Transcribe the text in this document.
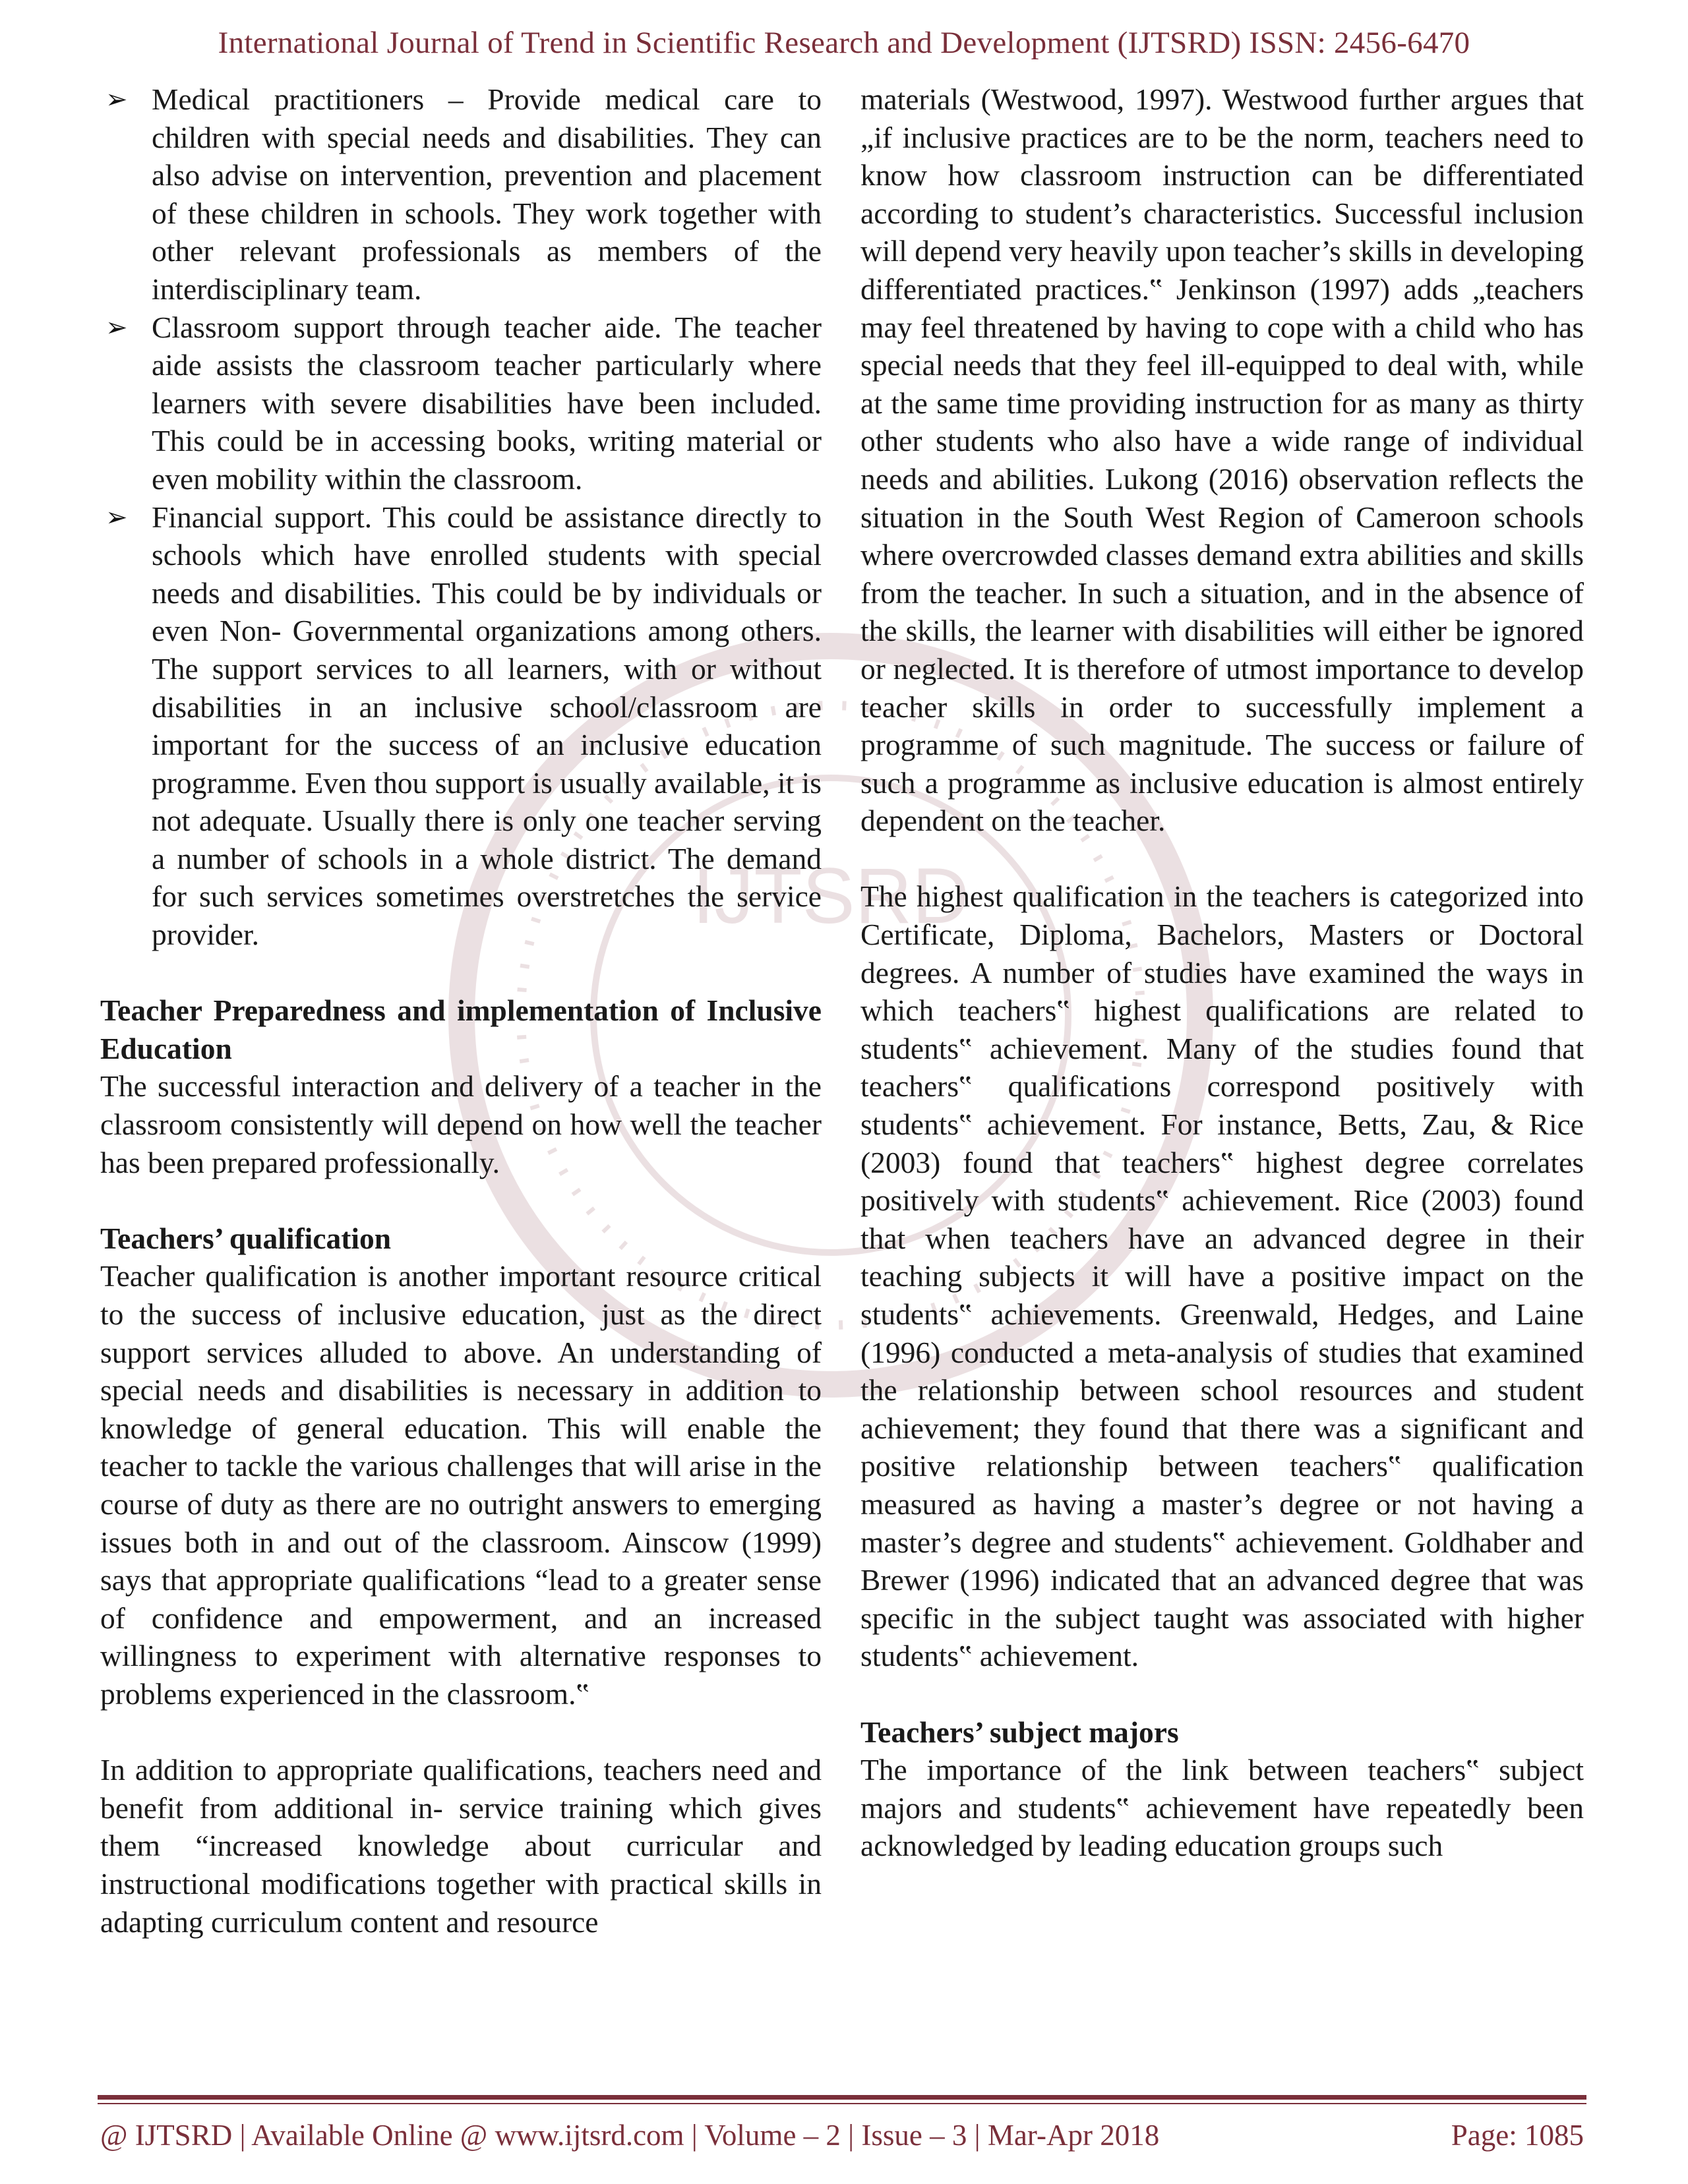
International Journal of Trend in Scientific Research and Development (IJTSRD) ISSN: 2456-6470
IJTSRD
➢ Medical practitioners – Provide medical care to children with special needs and disabilities. They can also advise on intervention, prevention and placement of these children in schools. They work together with other relevant professionals as members of the interdisciplinary team.

➢ Classroom support through teacher aide. The teacher aide assists the classroom teacher particularly where learners with severe disabilities have been included. This could be in accessing books, writing material or even mobility within the classroom.

➢ Financial support. This could be assistance directly to schools which have enrolled students with special needs and disabilities. This could be by individuals or even Non- Governmental organizations among others. The support services to all learners, with or without disabilities in an inclusive school/classroom are important for the success of an inclusive education programme. Even thou support is usually available, it is not adequate. Usually there is only one teacher serving a number of schools in a whole district. The demand for such services sometimes overstretches the service provider.

Teacher Preparedness and implementation of Inclusive Education

The successful interaction and delivery of a teacher in the classroom consistently will depend on how well the teacher has been prepared professionally.

Teachers’ qualification

Teacher qualification is another important resource critical to the success of inclusive education, just as the direct support services alluded to above. An understanding of special needs and disabilities is necessary in addition to knowledge of general education. This will enable the teacher to tackle the various challenges that will arise in the course of duty as there are no outright answers to emerging issues both in and out of the classroom. Ainscow (1999) says that appropriate qualifications “lead to a greater sense of confidence and empowerment, and an increased willingness to experiment with alternative responses to problems experienced in the classroom.‟

In addition to appropriate qualifications, teachers need and benefit from additional in- service training which gives them “increased knowledge about curricular and instructional modifications together with practical skills in adapting curriculum content and resource

materials (Westwood, 1997). Westwood further argues that „if inclusive practices are to be the norm, teachers need to know how classroom instruction can be differentiated according to student’s characteristics. Successful inclusion will depend very heavily upon teacher’s skills in developing differentiated practices.‟ Jenkinson (1997) adds „teachers may feel threatened by having to cope with a child who has special needs that they feel ill-equipped to deal with, while at the same time providing instruction for as many as thirty other students who also have a wide range of individual needs and abilities. Lukong (2016) observation reflects the situation in the South West Region of Cameroon schools where overcrowded classes demand extra abilities and skills from the teacher. In such a situation, and in the absence of the skills, the learner with disabilities will either be ignored or neglected. It is therefore of utmost importance to develop teacher skills in order to successfully implement a programme of such magnitude. The success or failure of such a programme as inclusive education is almost entirely dependent on the teacher.

The highest qualification in the teachers is categorized into Certificate, Diploma, Bachelors, Masters or Doctoral degrees. A number of studies have examined the ways in which teachers‟ highest qualifications are related to students‟ achievement. Many of the studies found that teachers‟ qualifications correspond positively with students‟ achievement. For instance, Betts, Zau, & Rice (2003) found that teachers‟ highest degree correlates positively with students‟ achievement. Rice (2003) found that when teachers have an advanced degree in their teaching subjects it will have a positive impact on the students‟ achievements. Greenwald, Hedges, and Laine (1996) conducted a meta-analysis of studies that examined the relationship between school resources and student achievement; they found that there was a significant and positive relationship between teachers‟ qualification measured as having a master’s degree or not having a master’s degree and students‟ achievement. Goldhaber and Brewer (1996) indicated that an advanced degree that was specific in the subject taught was associated with higher students‟ achievement.

Teachers’ subject majors

The importance of the link between teachers‟ subject majors and students‟ achievement have repeatedly been acknowledged by leading education groups such

@ IJTSRD | Available Online @ www.ijtsrd.com | Volume – 2 | Issue – 3 | Mar-Apr 2018	Page: 1085
